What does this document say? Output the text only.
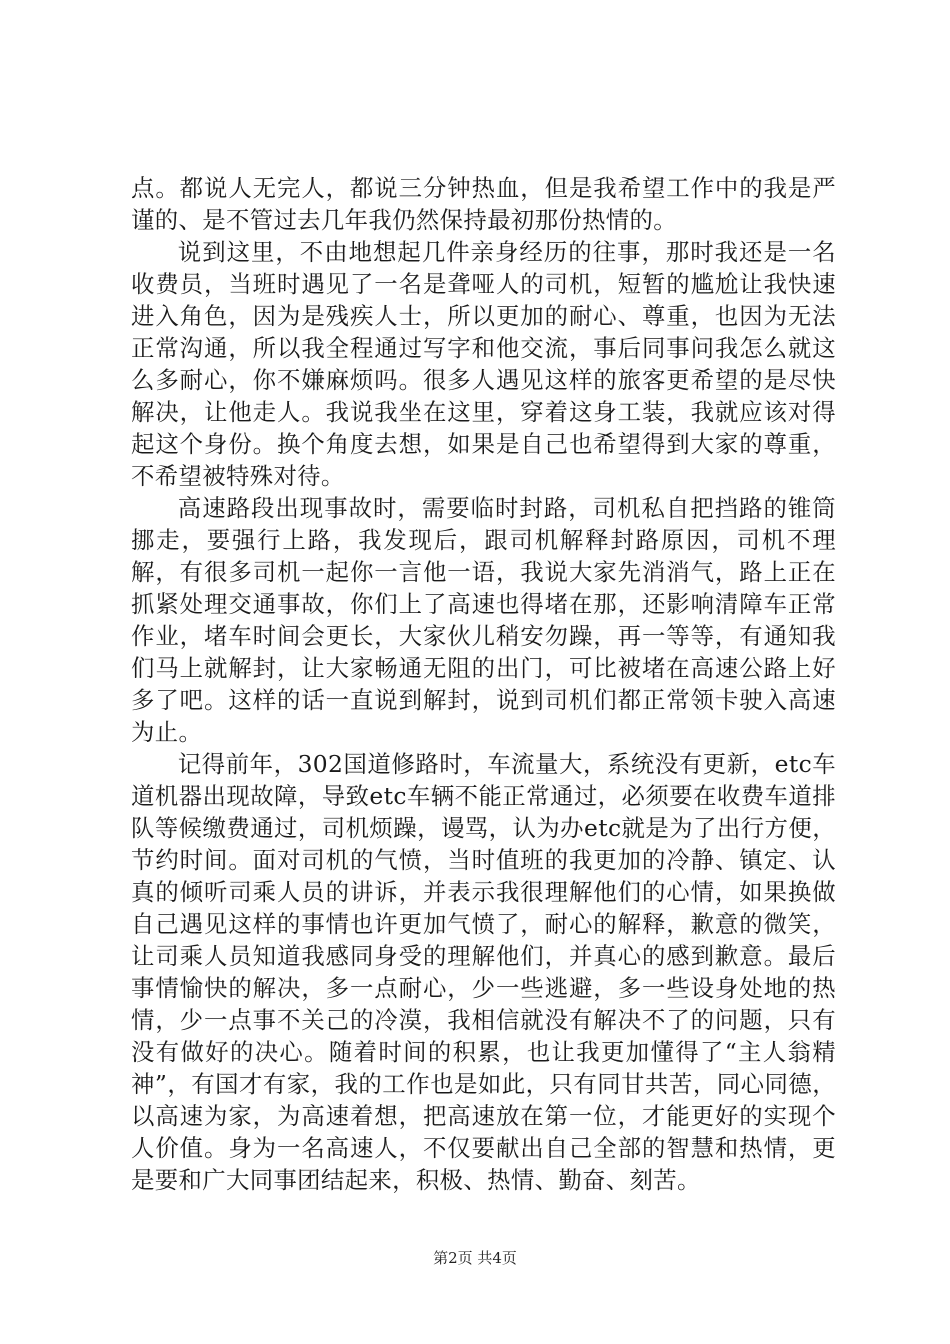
点。都说人无完人，都说三分钟热血，但是我希望工作中的我是严谨的、是不管过去几年我仍然保持最初那份热情的。

说到这里，不由地想起几件亲身经历的往事，那时我还是一名收费员，当班时遇见了一名是聋哑人的司机，短暂的尴尬让我快速进入角色，因为是残疾人士，所以更加的耐心、尊重，也因为无法正常沟通，所以我全程通过写字和他交流，事后同事问我怎么就这么多耐心，你不嫌麻烦吗。很多人遇见这样的旅客更希望的是尽快解决，让他走人。我说我坐在这里，穿着这身工装，我就应该对得起这个身份。换个角度去想，如果是自己也希望得到大家的尊重，不希望被特殊对待。

高速路段出现事故时，需要临时封路，司机私自把挡路的锥筒挪走，要强行上路，我发现后，跟司机解释封路原因，司机不理解，有很多司机一起你一言他一语，我说大家先消消气，路上正在抓紧处理交通事故，你们上了高速也得堵在那，还影响清障车正常作业，堵车时间会更长，大家伙儿稍安勿躁，再一等等，有通知我们马上就解封，让大家畅通无阻的出门，可比被堵在高速公路上好多了吧。这样的话一直说到解封，说到司机们都正常领卡驶入高速为止。

记得前年，302国道修路时，车流量大，系统没有更新，etc车道机器出现故障，导致etc车辆不能正常通过，必须要在收费车道排队等候缴费通过，司机烦躁，谩骂，认为办etc就是为了出行方便，节约时间。面对司机的气愤，当时值班的我更加的冷静、镇定、认真的倾听司乘人员的讲诉，并表示我很理解他们的心情，如果换做自己遇见这样的事情也许更加气愤了，耐心的解释，歉意的微笑，让司乘人员知道我感同身受的理解他们，并真心的感到歉意。最后事情愉快的解决，多一点耐心，少一些逃避，多一些设身处地的热情，少一点事不关己的冷漠，我相信就没有解决不了的问题，只有没有做好的决心。随着时间的积累，也让我更加懂得了“主人翁精神”，有国才有家，我的工作也是如此，只有同甘共苦，同心同德，以高速为家，为高速着想，把高速放在第一位，才能更好的实现个人价值。身为一名高速人，不仅要献出自己全部的智慧和热情，更是要和广大同事团结起来，积极、热情、勤奋、刻苦。

第2页 共4页
